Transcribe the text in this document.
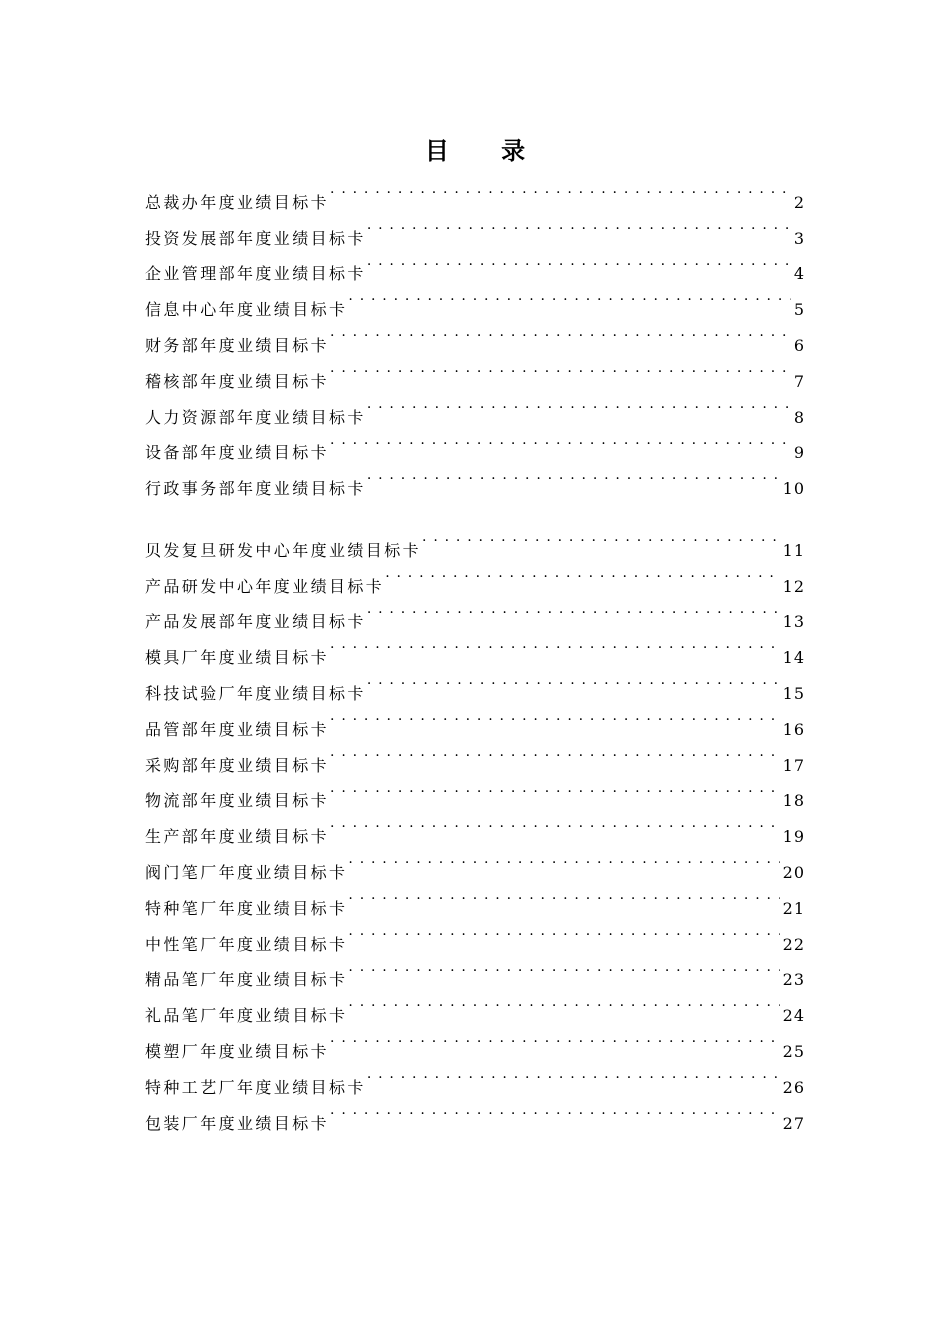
目 录
总裁办年度业绩目标卡 . . .	2
投资发展部年度业绩目标卡 . . .	3
企业管理部年度业绩目标卡 . . .	4
信息中心年度业绩目标卡 . . .	5
财务部年度业绩目标卡 . . .	6
稽核部年度业绩目标卡 . . .	7
人力资源部年度业绩目标卡 . . .	8
设备部年度业绩目标卡 . . .	9
行政事务部年度业绩目标卡 . . .	10
贝发复旦研发中心年度业绩目标卡 . . .	11
产品研发中心年度业绩目标卡 . . .	12
产品发展部年度业绩目标卡 . . .	13
模具厂年度业绩目标卡 . . .	14
科技试验厂年度业绩目标卡 . . .	15
品管部年度业绩目标卡 . . .	16
采购部年度业绩目标卡 . . .	17
物流部年度业绩目标卡 . . .	18
生产部年度业绩目标卡 . . .	19
阀门笔厂年度业绩目标卡 . . .	20
特种笔厂年度业绩目标卡 . . .	21
中性笔厂年度业绩目标卡 . . .	22
精品笔厂年度业绩目标卡 . . .	23
礼品笔厂年度业绩目标卡 . . .	24
模塑厂年度业绩目标卡 . . .	25
特种工艺厂年度业绩目标卡 . . .	26
包装厂年度业绩目标卡 . . .	27
